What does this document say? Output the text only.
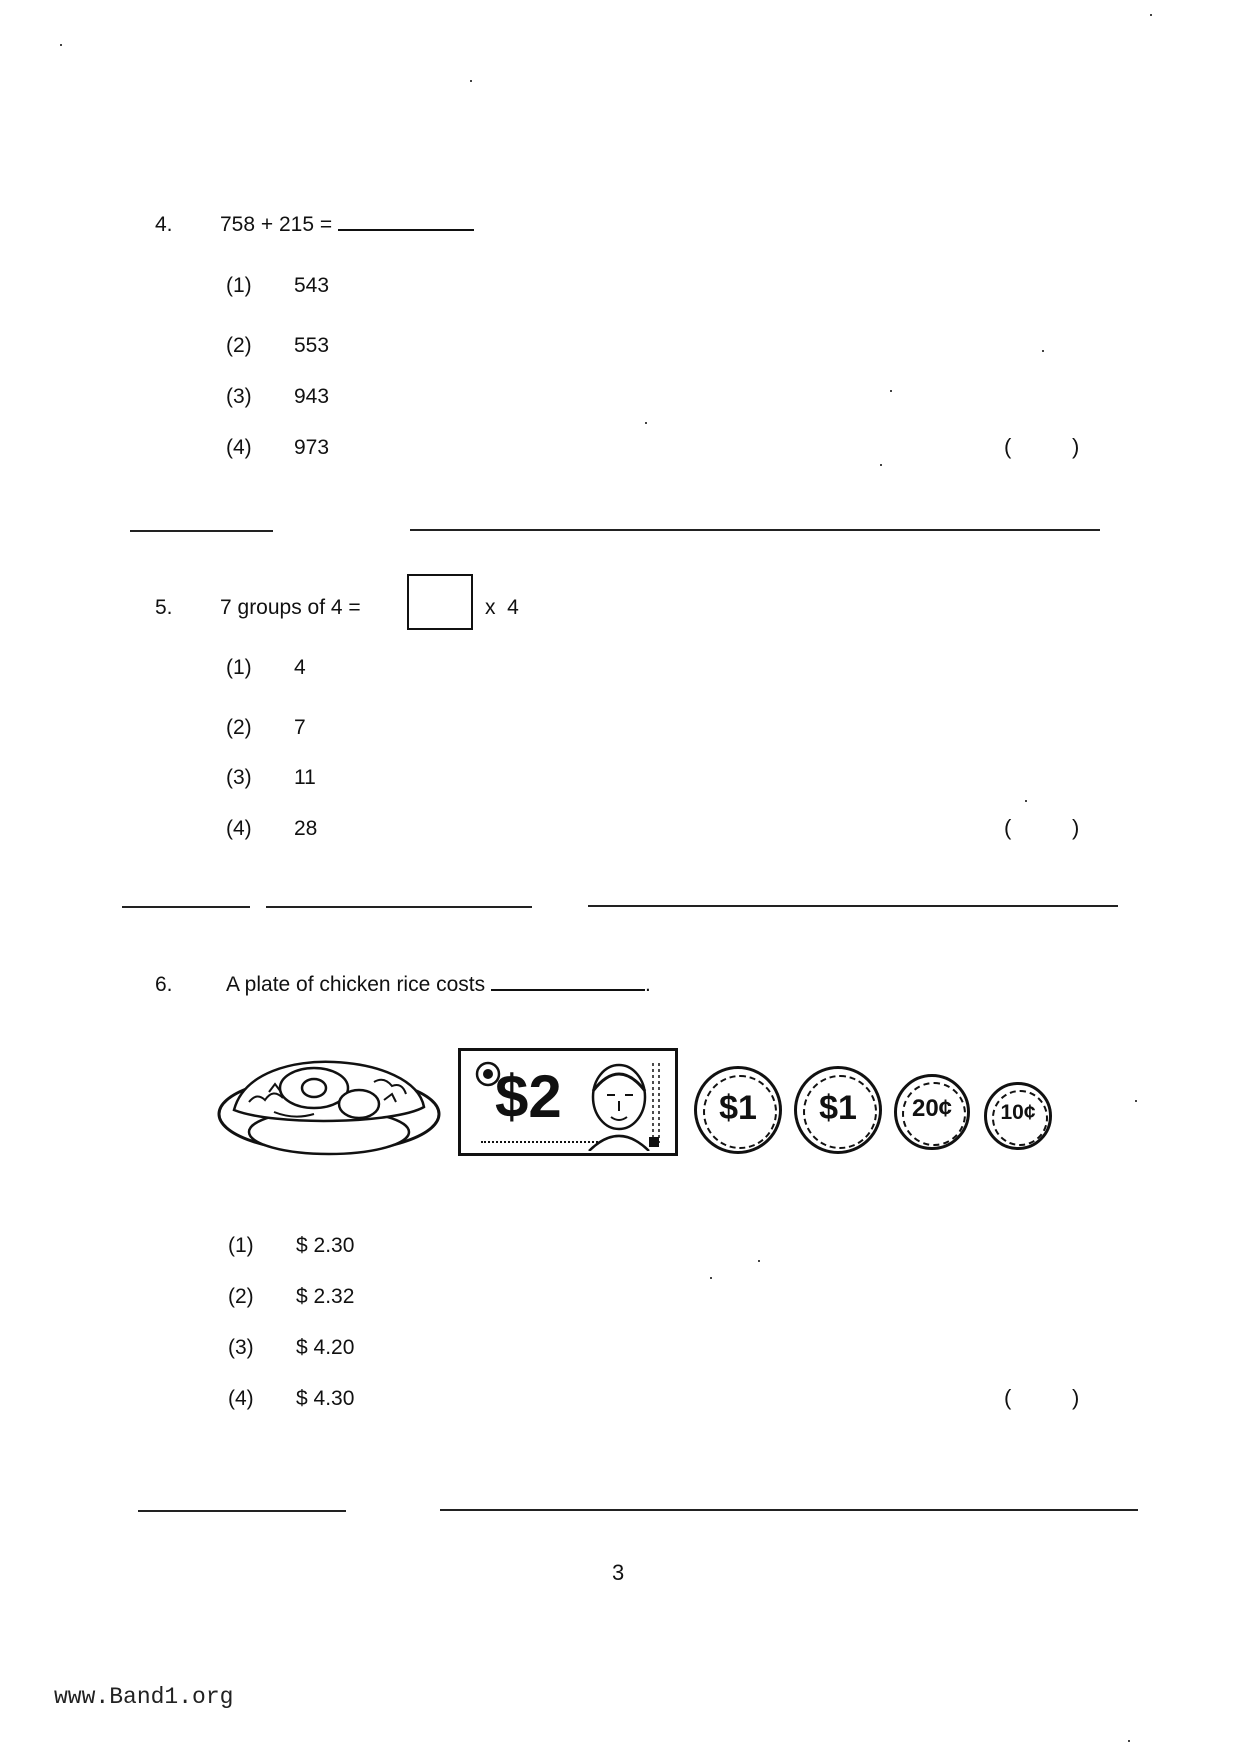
4. 758 + 215 =
(1) 543
(2) 553
(3) 943
(4) 973	(	)
5. 7 groups of 4 =	x  4
(1) 4
(2) 7
(3) 11
(4) 28	(	)
6.	A plate of chicken rice costs	.
$2	$1	$1	20¢	10¢
(1) $ 2.30
(2) $ 2.32
(3) $ 4.20
(4) $ 4.30	(	)
3
www.Band1.org
